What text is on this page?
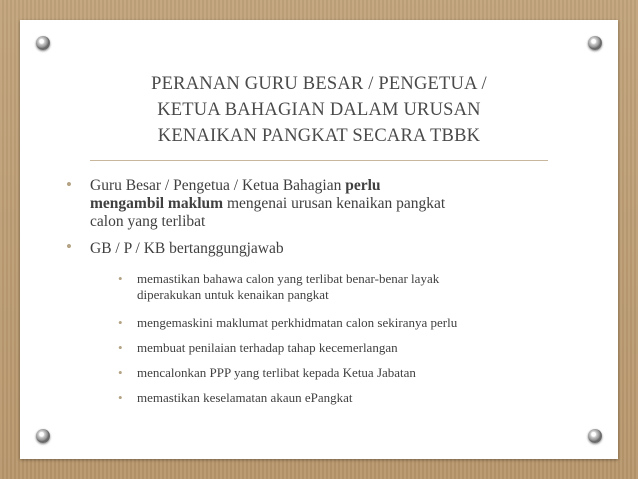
PERANAN GURU BESAR / PENGETUA /
KETUA BAHAGIAN DALAM URUSAN
KENAIKAN PANGKAT SECARA TBBK
• Guru Besar / Pengetua / Ketua Bahagian perlu
mengambil maklum mengenai urusan kenaikan pangkat
calon yang terlibat
• GB / P / KB bertanggungjawab
• memastikan bahawa calon yang terlibat benar-benar layak
diperakukan untuk kenaikan pangkat
• mengemaskini maklumat perkhidmatan calon sekiranya perlu
• membuat penilaian terhadap tahap kecemerlangan
• mencalonkan PPP yang terlibat kepada Ketua Jabatan
• memastikan keselamatan akaun ePangkat
